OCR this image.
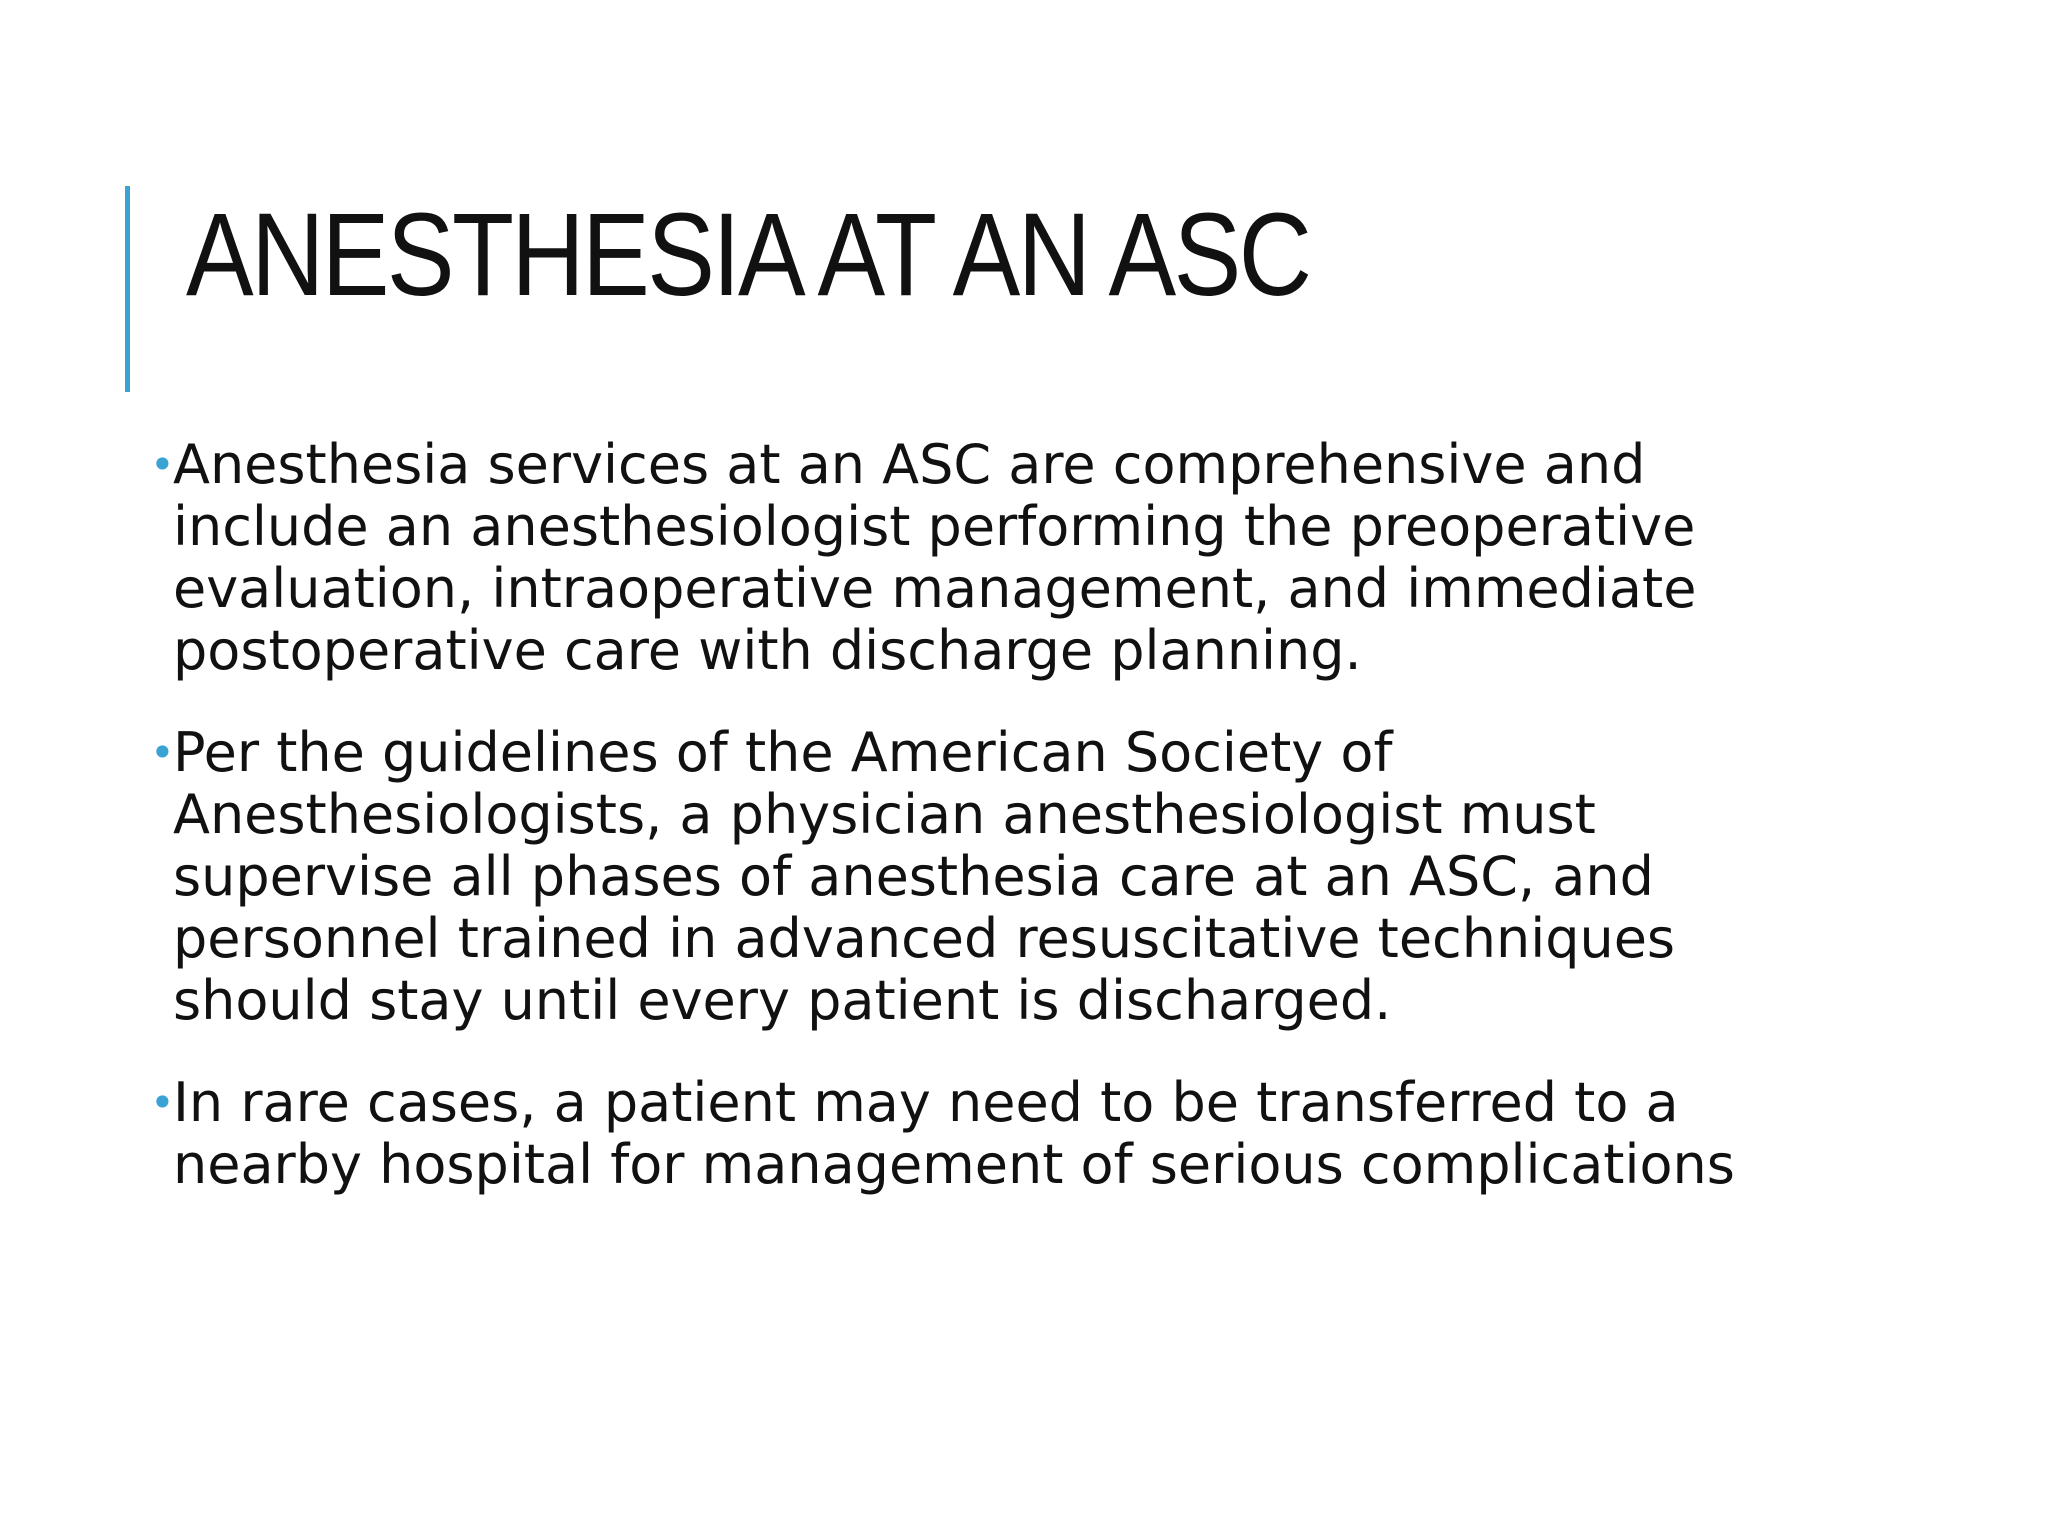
ANESTHESIA AT AN ASC
•
Anesthesia services at an ASC are comprehensive and include an anesthesiologist performing the preoperative evaluation, intraoperative management, and immediate postoperative care with discharge planning.
•
Per the guidelines of the American Society of Anesthesiologists, a physician anesthesiologist must supervise all phases of anesthesia care at an ASC, and personnel trained in advanced resuscitative techniques should stay until every patient is discharged.
•
In rare cases, a patient may need to be transferred to a nearby hospital for management of serious complications
